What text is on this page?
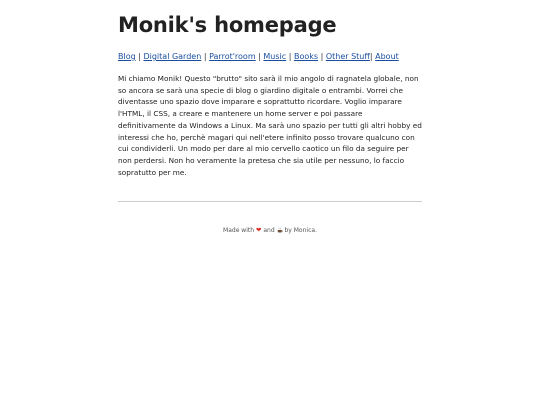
Monik's homepage
Blog | Digital Garden | Parrot'room | Music | Books | Other Stuff| About

Mi chiamo Monik! Questo "brutto" sito sarà il mio angolo di ragnatela globale, non so ancora se sarà una specie di blog o giardino digitale o entrambi. Vorrei che diventasse uno spazio dove imparare e soprattutto ricordare. Voglio imparare l'HTML, il CSS, a creare e mantenere un home server e poi passare definitivamente da Windows a Linux. Ma sarà uno spazio per tutti gli altri hobby ed interessi che ho, perchè magari qui nell'etere infinito posso trovare qualcuno con cui condividerli. Un modo per dare al mio cervello caotico un filo da seguire per non perdersi. Non ho veramente la pretesa che sia utile per nessuno, lo faccio sopratutto per me.

Made with ❤ and by Monica.
